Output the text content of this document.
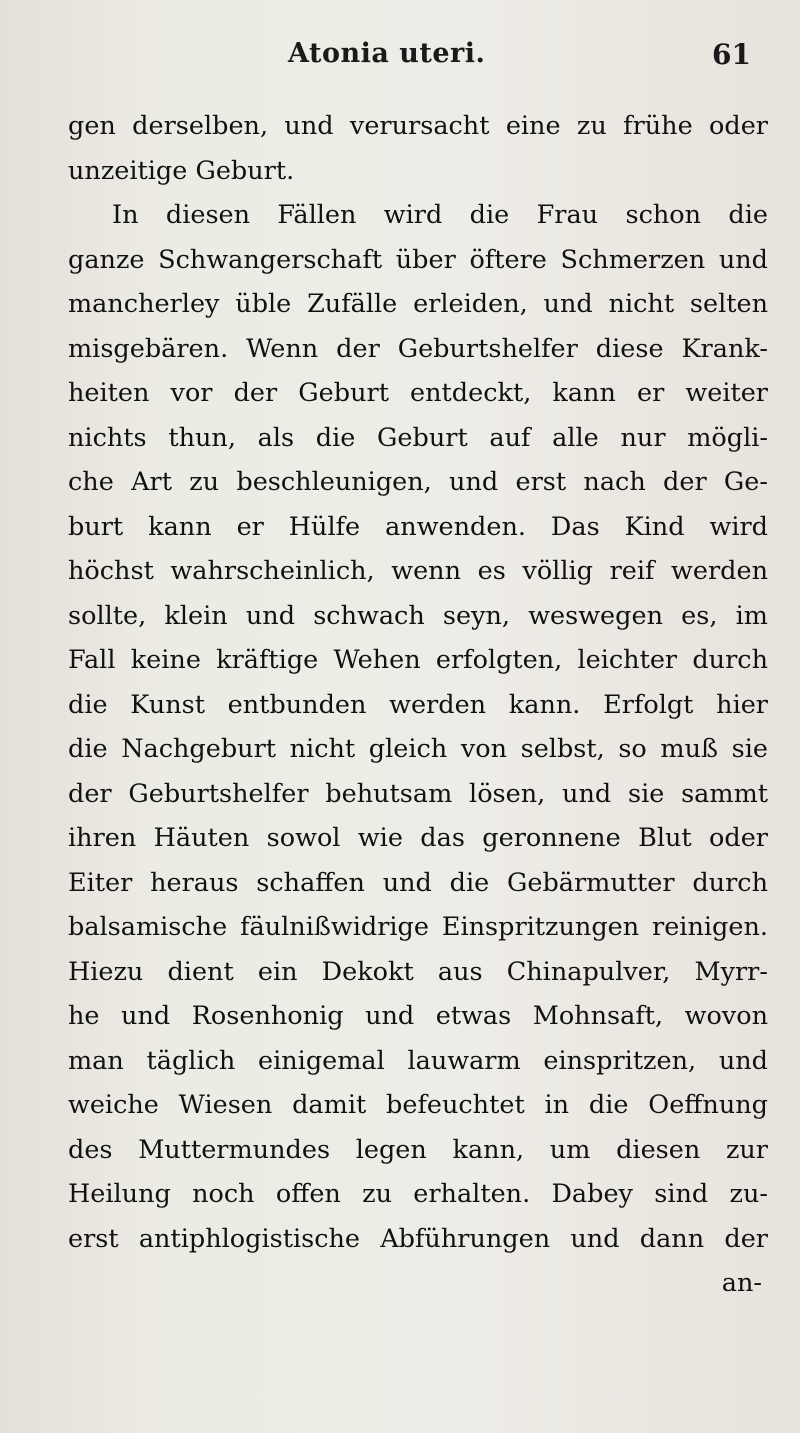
Atonia uteri.	61
gen derselben, und verursacht eine zu frühe oder
unzeitige Geburt.
In diesen Fällen wird die Frau schon die
ganze Schwangerschaft über öftere Schmerzen und
mancherley üble Zufälle erleiden, und nicht selten
misgebären. Wenn der Geburtshelfer diese Krank-
heiten vor der Geburt entdeckt, kann er weiter
nichts thun, als die Geburt auf alle nur mögli-
che Art zu beschleunigen, und erst nach der Ge-
burt kann er Hülfe anwenden. Das Kind wird
höchst wahrscheinlich, wenn es völlig reif werden
sollte, klein und schwach seyn, weswegen es, im
Fall keine kräftige Wehen erfolgten, leichter durch
die Kunst entbunden werden kann. Erfolgt hier
die Nachgeburt nicht gleich von selbst, so muß sie
der Geburtshelfer behutsam lösen, und sie sammt
ihren Häuten sowol wie das geronnene Blut oder
Eiter heraus schaffen und die Gebärmutter durch
balsamische fäulnißwidrige Einspritzungen reinigen.
Hiezu dient ein Dekokt aus Chinapulver, Myrr-
he und Rosenhonig und etwas Mohnsaft, wovon
man täglich einigemal lauwarm einspritzen, und
weiche Wiesen damit befeuchtet in die Oeffnung
des Muttermundes legen kann, um diesen zur
Heilung noch offen zu erhalten. Dabey sind zu-
erst antiphlogistische Abführungen und dann der
an-
